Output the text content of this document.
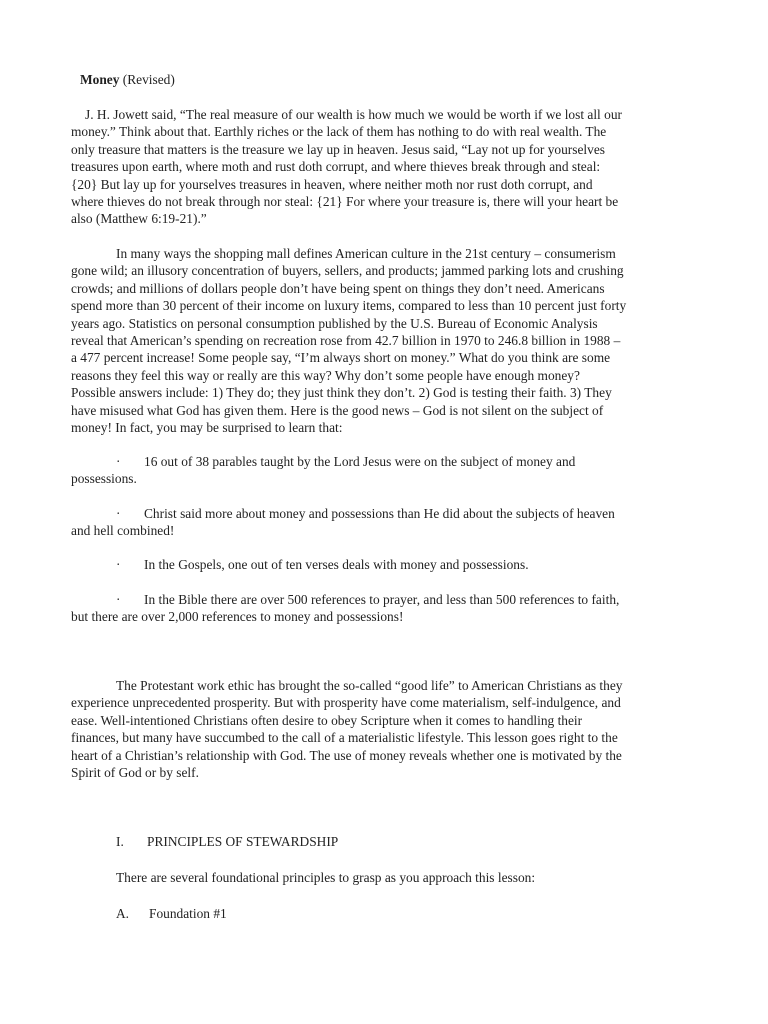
Money (Revised)

J. H. Jowett said, “The real measure of our wealth is how much we would be worth if we lost all our
money.” Think about that. Earthly riches or the lack of them has nothing to do with real wealth. The
only treasure that matters is the treasure we lay up in heaven. Jesus said, “Lay not up for yourselves
treasures upon earth, where moth and rust doth corrupt, and where thieves break through and steal:
{20} But lay up for yourselves treasures in heaven, where neither moth nor rust doth corrupt, and
where thieves do not break through nor steal: {21} For where your treasure is, there will your heart be
also (Matthew 6:19-21).”

In many ways the shopping mall defines American culture in the 21st century – consumerism
gone wild; an illusory concentration of buyers, sellers, and products; jammed parking lots and crushing
crowds; and millions of dollars people don’t have being spent on things they don’t need. Americans
spend more than 30 percent of their income on luxury items, compared to less than 10 percent just forty
years ago. Statistics on personal consumption published by the U.S. Bureau of Economic Analysis
reveal that American’s spending on recreation rose from 42.7 billion in 1970 to 246.8 billion in 1988 –
a 477 percent increase! Some people say, “I’m always short on money.” What do you think are some
reasons they feel this way or really are this way? Why don’t some people have enough money?
Possible answers include: 1) They do; they just think they don’t. 2) God is testing their faith. 3) They
have misused what God has given them. Here is the good news – God is not silent on the subject of
money! In fact, you may be surprised to learn that:

· 16 out of 38 parables taught by the Lord Jesus were on the subject of money and
possessions.
· Christ said more about money and possessions than He did about the subjects of heaven
and hell combined!
· In the Gospels, one out of ten verses deals with money and possessions.
· In the Bible there are over 500 references to prayer, and less than 500 references to faith,
but there are over 2,000 references to money and possessions!

The Protestant work ethic has brought the so-called “good life” to American Christians as they
experience unprecedented prosperity. But with prosperity have come materialism, self-indulgence, and
ease. Well-intentioned Christians often desire to obey Scripture when it comes to handling their
finances, but many have succumbed to the call of a materialistic lifestyle. This lesson goes right to the
heart of a Christian’s relationship with God. The use of money reveals whether one is motivated by the
Spirit of God or by self.

I. PRINCIPLES OF STEWARDSHIP
There are several foundational principles to grasp as you approach this lesson:
A. Foundation #1
